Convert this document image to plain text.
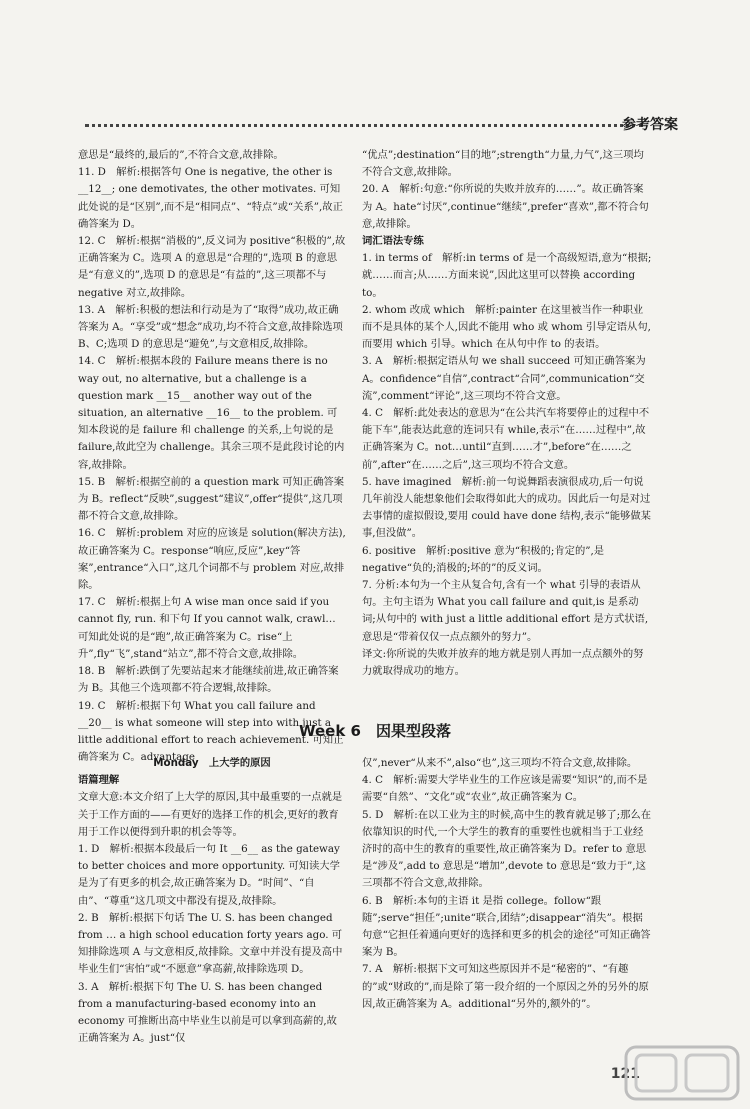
参考答案

意思是“最终的,最后的”,不符合文意,故排除。

11. D　解析:根据答句 One is negative, the other is __12__; one demotivates, the other motivates. 可知此处说的是“区别”,而不是“相同点”、“特点”或“关系”,故正确答案为 D。

12. C　解析:根据“消极的”,反义词为 positive“积极的”,故正确答案为 C。选项 A 的意思是“合理的”,选项 B 的意思是“有意义的”,选项 D 的意思是“有益的”,这三项都不与 negative 对立,故排除。

13. A　解析:积极的想法和行动是为了“取得”成功,故正确答案为 A。“享受”或“想念”成功,均不符合文意,故排除选项 B、C;选项 D 的意思是“避免”,与文意相反,故排除。

14. C　解析:根据本段的 Failure means there is no way out, no alternative, but a challenge is a question mark __15__ another way out of the situation, an alternative __16__ to the problem. 可知本段说的是 failure 和 challenge 的关系,上句说的是 failure,故此空为 challenge。其余三项不是此段讨论的内容,故排除。

15. B　解析:根据空前的 a question mark 可知正确答案为 B。reflect“反映”,suggest“建议”,offer“提供”,这几项都不符合文意,故排除。

16. C　解析:problem 对应的应该是 solution(解决方法),故正确答案为 C。response“响应,反应”,key“答案”,entrance“入口”,这几个词都不与 problem 对应,故排除。

17. C　解析:根据上句 A wise man once said if you cannot fly, run. 和下句 If you cannot walk, crawl… 可知此处说的是“跑”,故正确答案为 C。rise“上升”,fly“飞”,stand“站立”,都不符合文意,故排除。

18. B　解析:跌倒了先要站起来才能继续前进,故正确答案为 B。其他三个选项都不符合逻辑,故排除。

19. C　解析:根据下句 What you call failure and __20__ is what someone will step into with just a little additional effort to reach achievement. 可知正确答案为 C。advantage

“优点”;destination“目的地”;strength“力量,力气”,这三项均不符合文意,故排除。

20. A　解析:句意:“你所说的失败并放弃的……”。故正确答案为 A。hate“讨厌”,continue“继续”,prefer“喜欢”,都不符合句意,故排除。

词汇语法专练

1. in terms of　解析:in terms of 是一个高级短语,意为“根据;就……而言;从……方面来说”,因此这里可以替换 according to。

2. whom 改成 which　解析:painter 在这里被当作一种职业而不是具体的某个人,因此不能用 who 或 whom 引导定语从句,而要用 which 引导。which 在从句中作 to 的表语。

3. A　解析:根据定语从句 we shall succeed 可知正确答案为 A。confidence“自信”,contract“合同”,communication“交流”,comment“评论”,这三项均不符合文意。

4. C　解析:此处表达的意思为“在公共汽车将要停止的过程中不能下车”,能表达此意的连词只有 while,表示“在……过程中”,故正确答案为 C。not…until“直到……才”,before“在……之前”,after“在……之后”,这三项均不符合文意。

5. have imagined　解析:前一句说舞蹈表演很成功,后一句说几年前没人能想象他们会取得如此大的成功。因此后一句是对过去事情的虚拟假设,要用 could have done 结构,表示“能够做某事,但没做”。

6. positive　解析:positive 意为“积极的;肯定的”,是 negative“负的;消极的;坏的”的反义词。

7. 分析:本句为一个主从复合句,含有一个 what 引导的表语从句。主句主语为 What you call failure and quit,is 是系动词;从句中的 with just a little additional effort 是方式状语,意思是“带着仅仅一点点额外的努力”。

译文:你所说的失败并放弃的地方就是别人再加一点点额外的努力就取得成功的地方。

Week 6　因果型段落

Monday　上大学的原因

语篇理解

文章大意:本文介绍了上大学的原因,其中最重要的一点就是关于工作方面的——有更好的选择工作的机会,更好的教育用于工作以便得到升职的机会等等。

1. D　解析:根据本段最后一句 It __6__ as the gateway to better choices and more opportunity. 可知读大学是为了有更多的机会,故正确答案为 D。“时间”、“自由”、“尊重”这几项文中都没有提及,故排除。

2. B　解析:根据下句话 The U. S. has been changed from … a high school education forty years ago. 可知排除选项 A 与文意相反,故排除。文章中并没有提及高中毕业生们“害怕”或“不愿意”拿高薪,故排除选项 D。

3. A　解析:根据下句 The U. S. has been changed from a manufacturing-based economy into an economy 可推断出高中毕业生以前是可以拿到高薪的,故正确答案为 A。just“仅

仅”,never“从来不”,also“也”,这三项均不符合文意,故排除。

4. C　解析:需要大学毕业生的工作应该是需要“知识”的,而不是需要“自然”、“文化”或“农业”,故正确答案为 C。

5. D　解析:在以工业为主的时候,高中生的教育就足够了;那么在依靠知识的时代,一个大学生的教育的重要性也就相当于工业经济时的高中生的教育的重要性,故正确答案为 D。refer to 意思是“涉及”,add to 意思是“增加”,devote to 意思是“致力于”,这三项都不符合文意,故排除。

6. B　解析:本句的主语 it 是指 college。follow“跟随”;serve“担任”;unite“联合,团结”;disappear“消失”。根据句意“它担任着通向更好的选择和更多的机会的途径”可知正确答案为 B。

7. A　解析:根据下文可知这些原因并不是“秘密的”、“有趣的”或“财政的”,而是除了第一段介绍的一个原因之外的另外的原因,故正确答案为 A。additional“另外的,额外的”。

121
